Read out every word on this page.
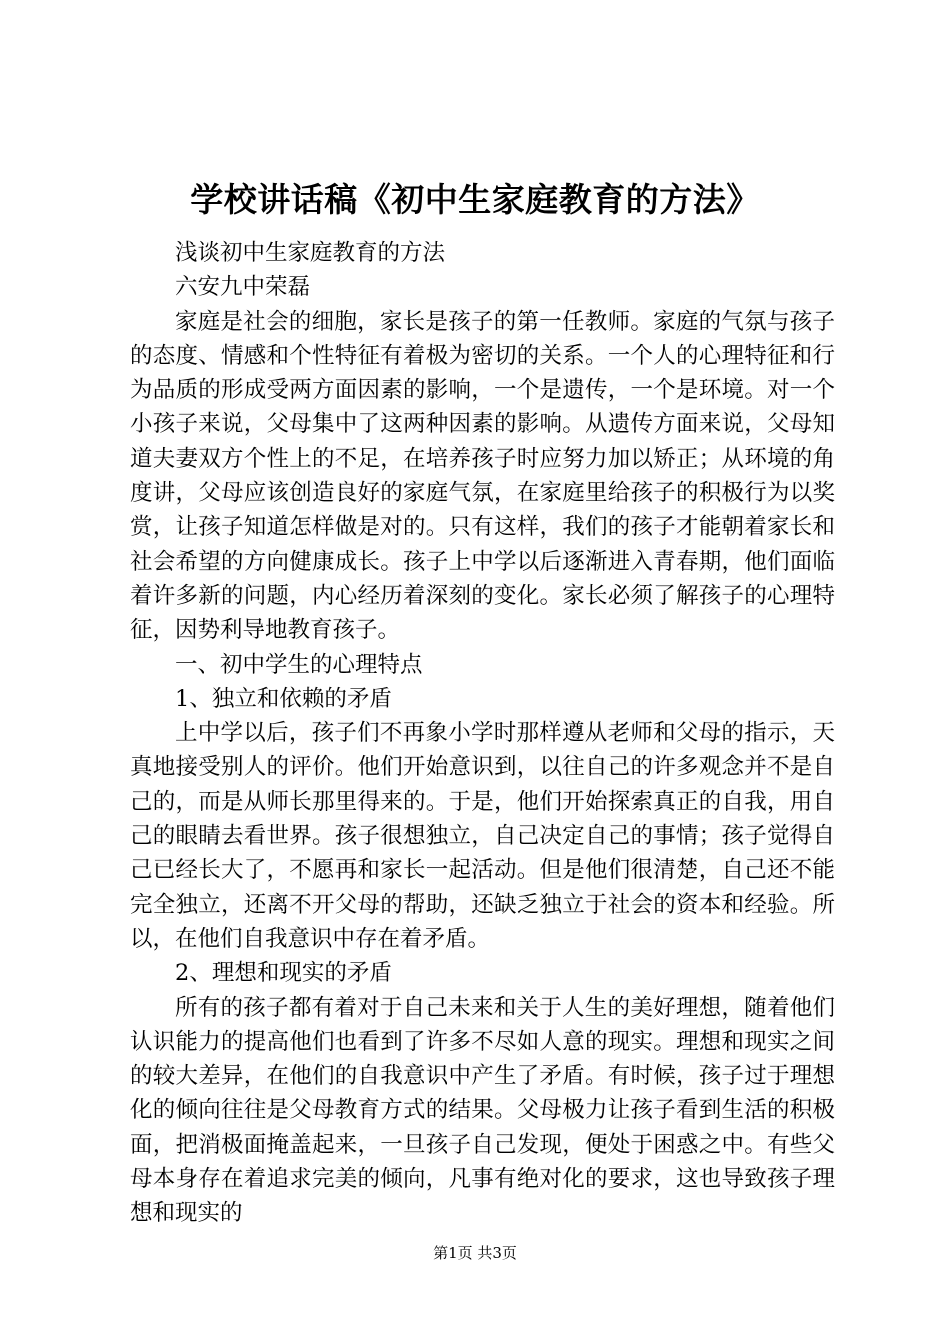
学校讲话稿《初中生家庭教育的方法》

浅谈初中生家庭教育的方法

六安九中荣磊

家庭是社会的细胞，家长是孩子的第一任教师。家庭的气氛与孩子的态度、情感和个性特征有着极为密切的关系。一个人的心理特征和行为品质的形成受两方面因素的影响，一个是遗传，一个是环境。对一个小孩子来说，父母集中了这两种因素的影响。从遗传方面来说，父母知道夫妻双方个性上的不足，在培养孩子时应努力加以矫正；从环境的角度讲，父母应该创造良好的家庭气氛，在家庭里给孩子的积极行为以奖赏，让孩子知道怎样做是对的。只有这样，我们的孩子才能朝着家长和社会希望的方向健康成长。孩子上中学以后逐渐进入青春期，他们面临着许多新的问题，内心经历着深刻的变化。家长必须了解孩子的心理特征，因势利导地教育孩子。

一、初中学生的心理特点

1、独立和依赖的矛盾

上中学以后，孩子们不再象小学时那样遵从老师和父母的指示，天真地接受别人的评价。他们开始意识到，以往自己的许多观念并不是自己的，而是从师长那里得来的。于是，他们开始探索真正的自我，用自己的眼睛去看世界。孩子很想独立，自己决定自己的事情；孩子觉得自己已经长大了，不愿再和家长一起活动。但是他们很清楚，自己还不能完全独立，还离不开父母的帮助，还缺乏独立于社会的资本和经验。所以，在他们自我意识中存在着矛盾。

2、理想和现实的矛盾

所有的孩子都有着对于自己未来和关于人生的美好理想，随着他们认识能力的提高他们也看到了许多不尽如人意的现实。理想和现实之间的较大差异，在他们的自我意识中产生了矛盾。有时候，孩子过于理想化的倾向往往是父母教育方式的结果。父母极力让孩子看到生活的积极面，把消极面掩盖起来，一旦孩子自己发现，便处于困惑之中。有些父母本身存在着追求完美的倾向，凡事有绝对化的要求，这也导致孩子理想和现实的

第1页 共3页
